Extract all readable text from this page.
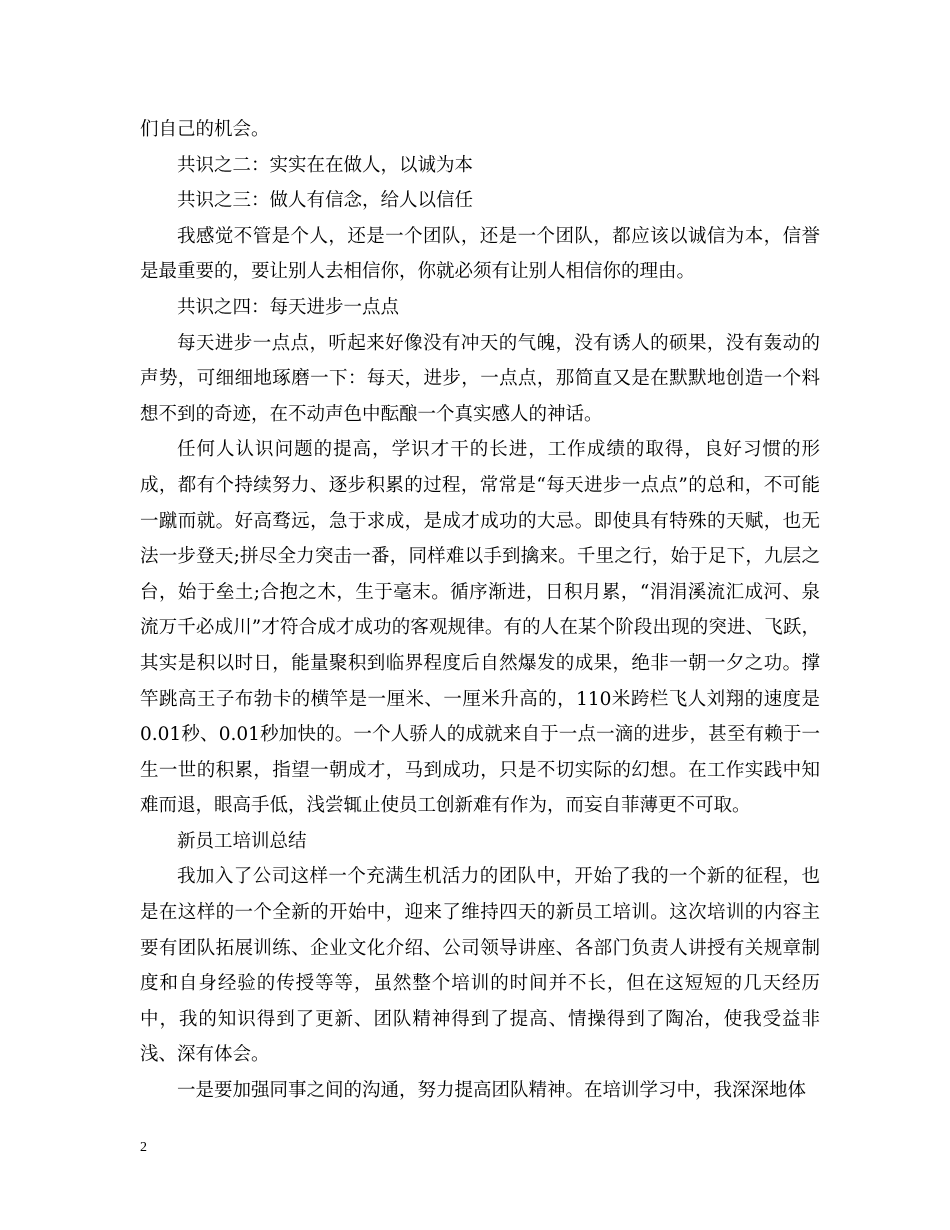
们自己的机会。

共识之二：实实在在做人，以诚为本

共识之三：做人有信念，给人以信任

我感觉不管是个人，还是一个团队，还是一个团队，都应该以诚信为本，信誉是最重要的，要让别人去相信你，你就必须有让别人相信你的理由。

共识之四：每天进步一点点

每天进步一点点，听起来好像没有冲天的气魄，没有诱人的硕果，没有轰动的声势，可细细地琢磨一下：每天，进步，一点点，那简直又是在默默地创造一个料想不到的奇迹，在不动声色中酝酿一个真实感人的神话。

任何人认识问题的提高，学识才干的长进，工作成绩的取得，良好习惯的形成，都有个持续努力、逐步积累的过程，常常是“每天进步一点点”的总和，不可能一蹴而就。好高骛远，急于求成，是成才成功的大忌。即使具有特殊的天赋，也无法一步登天;拼尽全力突击一番，同样难以手到擒来。千里之行，始于足下，九层之台，始于垒土;合抱之木，生于毫末。循序渐进，日积月累，“涓涓溪流汇成河、泉流万千必成川”才符合成才成功的客观规律。有的人在某个阶段出现的突进、飞跃，其实是积以时日，能量聚积到临界程度后自然爆发的成果，绝非一朝一夕之功。撑竿跳高王子布勃卡的横竿是一厘米、一厘米升高的，110米跨栏飞人刘翔的速度是0.01秒、0.01秒加快的。一个人骄人的成就来自于一点一滴的进步，甚至有赖于一生一世的积累，指望一朝成才，马到成功，只是不切实际的幻想。在工作实践中知难而退，眼高手低，浅尝辄止使员工创新难有作为，而妄自菲薄更不可取。

新员工培训总结

我加入了公司这样一个充满生机活力的团队中，开始了我的一个新的征程，也是在这样的一个全新的开始中，迎来了维持四天的新员工培训。这次培训的内容主要有团队拓展训练、企业文化介绍、公司领导讲座、各部门负责人讲授有关规章制度和自身经验的传授等等，虽然整个培训的时间并不长，但在这短短的几天经历中，我的知识得到了更新、团队精神得到了提高、情操得到了陶冶，使我受益非浅、深有体会。

一是要加强同事之间的沟通，努力提高团队精神。在培训学习中，我深深地体

2
